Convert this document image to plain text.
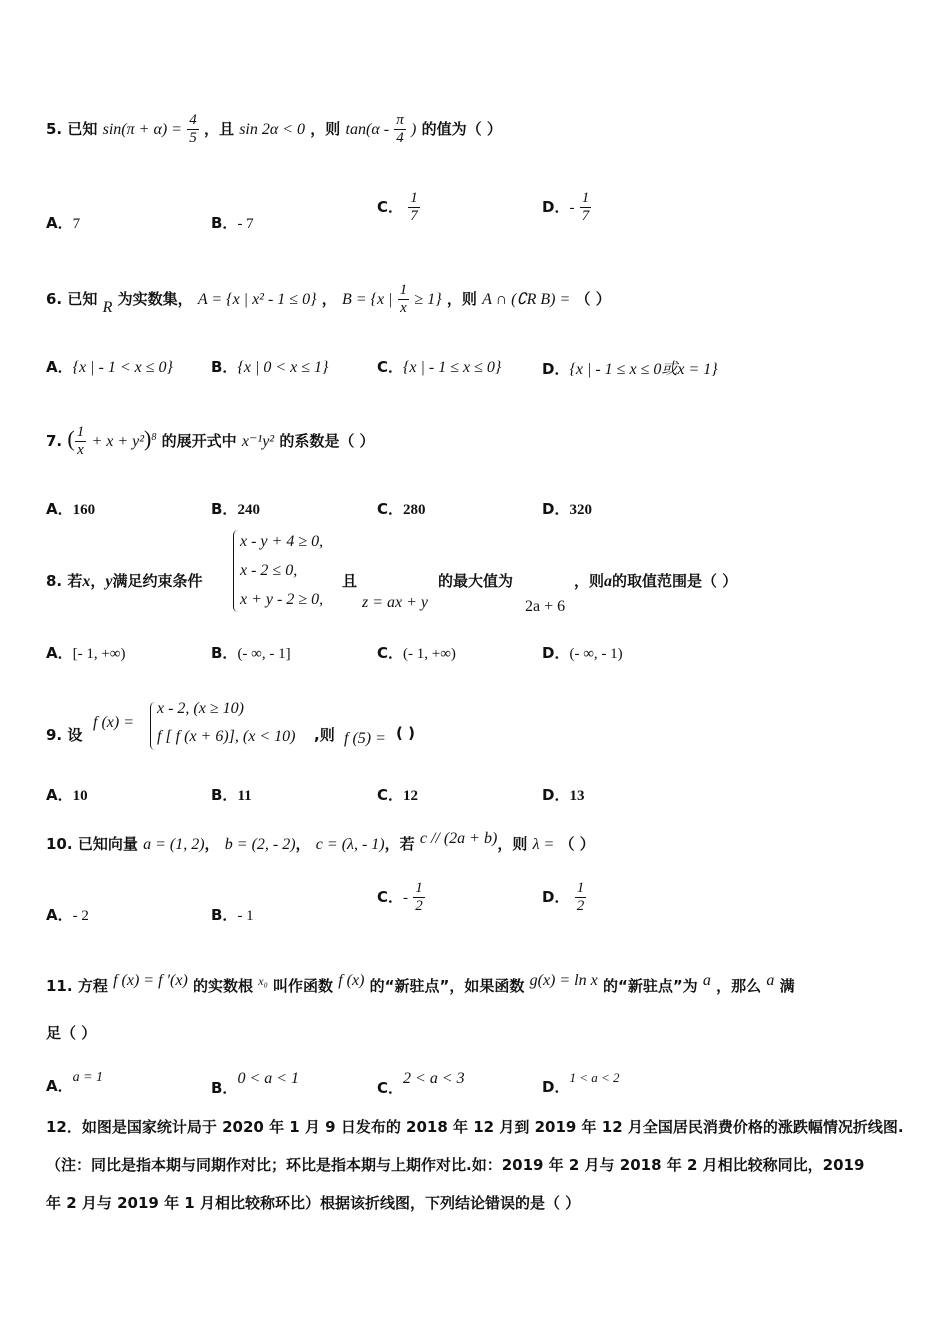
5. 已知 $\sin(\pi + \alpha) = \frac{4}{5}$ ，且 sin 2α < 0 ，则 $\tan(\alpha - \frac{\pi}{4}$ ) 的值为（ ）
A．7	B．- 7
C． $\frac{1}{7}$	D．- $\frac{1}{7}$
6. 已知 R 为实数集， A = {x | x² - 1 ≤ 0} ， B = {x | $\frac{1}{x} \ge 1$} ，则 A ∩ (∁R B) = （ ）
A．{x | - 1 < x ≤ 0}	B．{x | 0 < x ≤ 1}	C．{x | - 1 ≤ x ≤ 0}	D．{x | - 1 ≤ x ≤ 0或x = 1}
7. ( $\frac{1}{x} + x + y^2)^8$ 的展开式中 x⁻¹y² 的系数是（ ）
A．160	B．240	C．280	D．320
8. 若x，y满足约束条件
x - y + 4 ≥ 0,
x - 2 ≤ 0,
x + y - 2 ≥ 0,
且
z = ax + y
的最大值为
2a + 6
，则a的取值范围是（ ）
A．[- 1, +∞)	B．(- ∞, - 1]	C．(- 1, +∞)	D．(- ∞, - 1)
9. 设
f (x) =
x - 2, (x ≥ 10)
f [ f (x + 6)], (x < 10) ,则 f (5) = ( )
A．10	B．11	C．12	D．13
10. 已知向量 a = (1, 2)， b = (2, - 2)， c = (λ, - 1)，若 c // (2a + b)，则 λ = （ ）
A．- 2	B．- 1
C．- $\frac{1}{2}$	D． $\frac{1}{2}$
11. 方程 f (x) = f ′(x) 的实数根 $^{x_0}$ 叫作函数 f (x) 的“新驻点”，如果函数 g(x) = ln x 的“新驻点”为 a ，那么 a 满
足（ ）
A．a = 1
B．0 < a < 1
C．2 < a < 3	D．1 < a < 2
12．如图是国家统计局于 2020 年 1 月 9 日发布的 2018 年 12 月到 2019 年 12 月全国居民消费价格的涨跌幅情况折线图.
（注：同比是指本期与同期作对比；环比是指本期与上期作对比.如：2019 年 2 月与 2018 年 2 月相比较称同比，2019
年 2 月与 2019 年 1 月相比较称环比）根据该折线图，下列结论错误的是（ ）
